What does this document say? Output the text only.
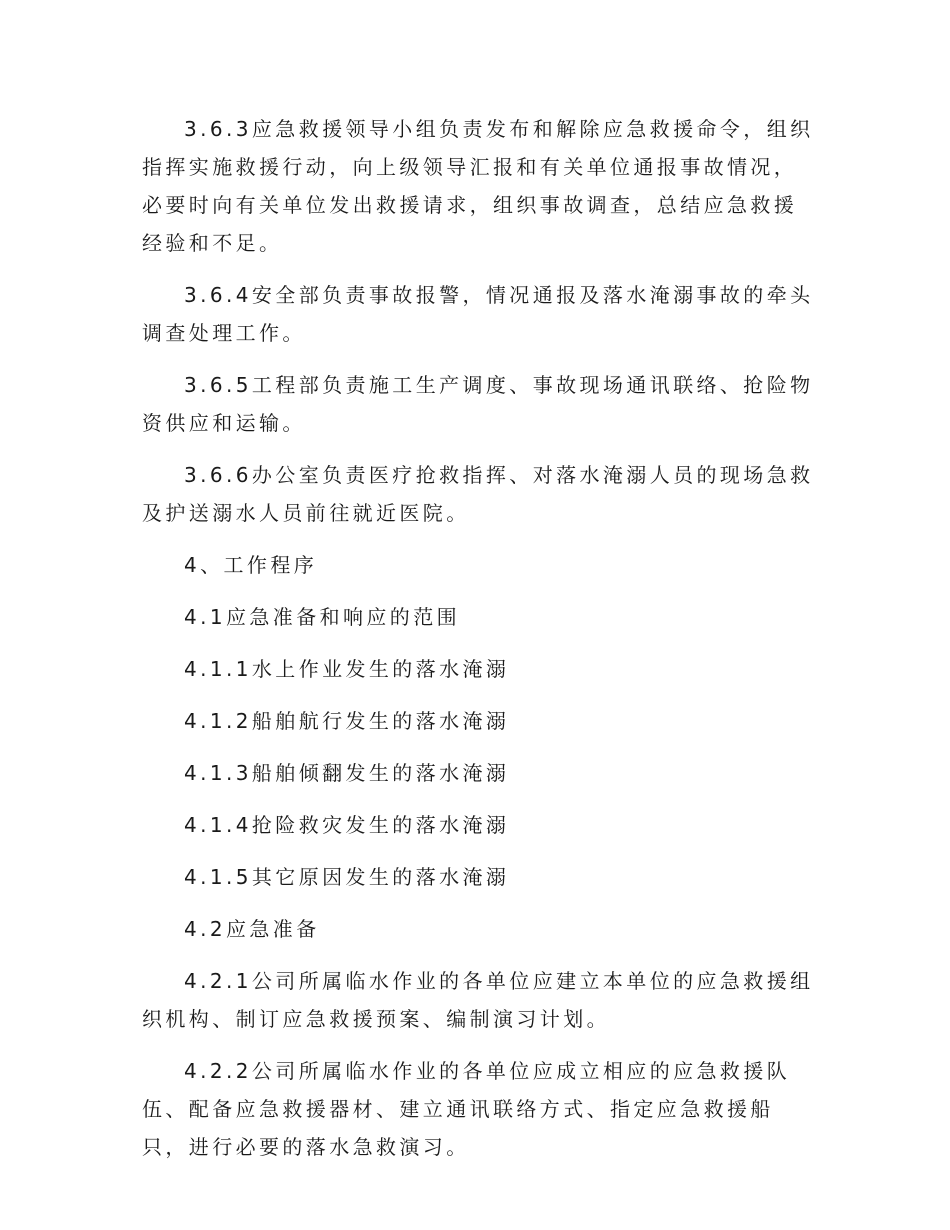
3.6.3应急救援领导小组负责发布和解除应急救援命令，组织指挥实施救援行动，向上级领导汇报和有关单位通报事故情况，必要时向有关单位发出救援请求，组织事故调查，总结应急救援经验和不足。

3.6.4安全部负责事故报警，情况通报及落水淹溺事故的牵头调查处理工作。

3.6.5工程部负责施工生产调度、事故现场通讯联络、抢险物资供应和运输。

3.6.6办公室负责医疗抢救指挥、对落水淹溺人员的现场急救及护送溺水人员前往就近医院。

4、工作程序

4.1应急准备和响应的范围

4.1.1水上作业发生的落水淹溺

4.1.2船舶航行发生的落水淹溺

4.1.3船舶倾翻发生的落水淹溺

4.1.4抢险救灾发生的落水淹溺

4.1.5其它原因发生的落水淹溺

4.2应急准备

4.2.1公司所属临水作业的各单位应建立本单位的应急救援组织机构、制订应急救援预案、编制演习计划。

4.2.2公司所属临水作业的各单位应成立相应的应急救援队伍、配备应急救援器材、建立通讯联络方式、指定应急救援船只，进行必要的落水急救演习。
